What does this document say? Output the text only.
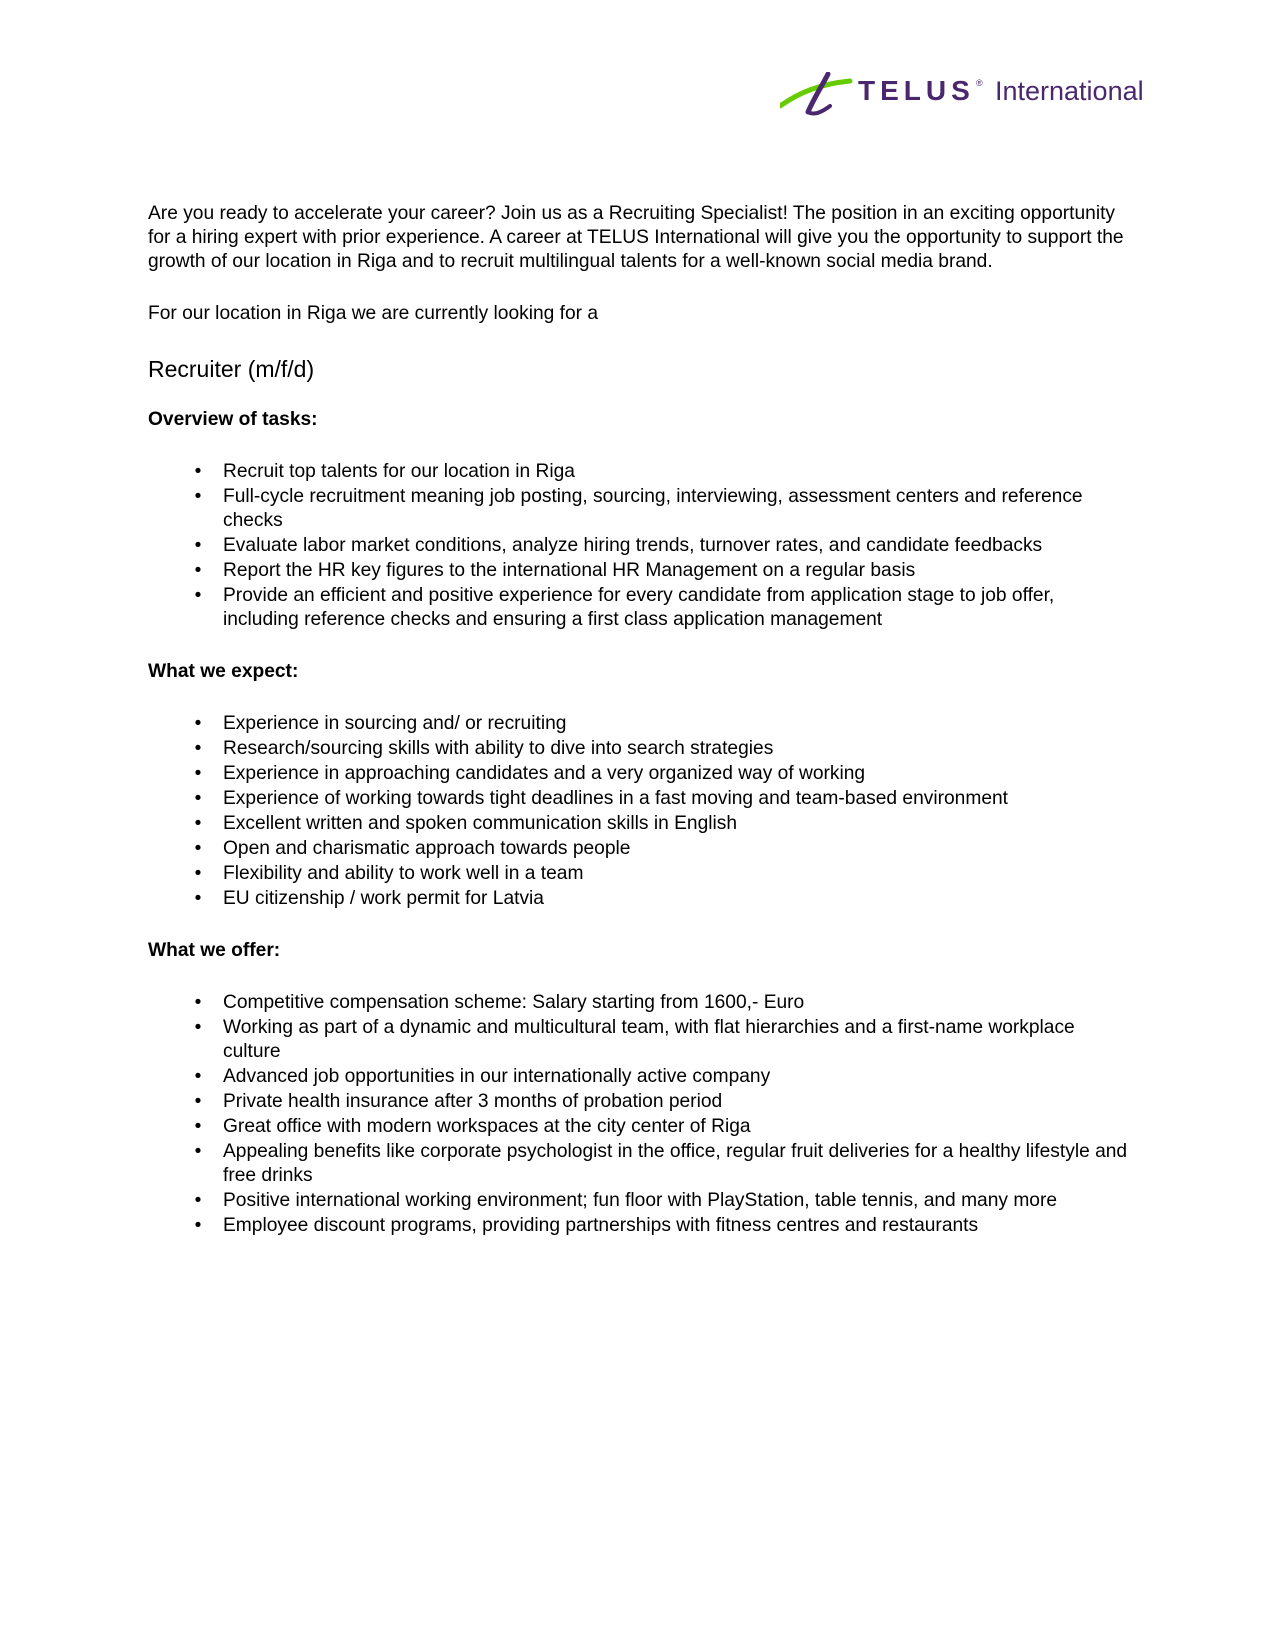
TELUS ® International

Are you ready to accelerate your career? Join us as a Recruiting Specialist! The position in an exciting opportunity for a hiring expert with prior experience. A career at TELUS International will give you the opportunity to support the growth of our location in Riga and to recruit multilingual talents for a well-known social media brand.

For our location in Riga we are currently looking for a

Recruiter (m/f/d)

Overview of tasks:

•	Recruit top talents for our location in Riga
•	Full-cycle recruitment meaning job posting, sourcing, interviewing, assessment centers and reference checks
•	Evaluate labor market conditions, analyze hiring trends, turnover rates, and candidate feedbacks
•	Report the HR key figures to the international HR Management on a regular basis
•	Provide an efficient and positive experience for every candidate from application stage to job offer, including reference checks and ensuring a first class application management

What we expect:

•	Experience in sourcing and/ or recruiting
•	Research/sourcing skills with ability to dive into search strategies
•	Experience in approaching candidates and a very organized way of working
•	Experience of working towards tight deadlines in a fast moving and team-based environment
•	Excellent written and spoken communication skills in English
•	Open and charismatic approach towards people
•	Flexibility and ability to work well in a team
•	EU citizenship / work permit for Latvia

What we offer:

•	Competitive compensation scheme: Salary starting from 1600,- Euro
•	Working as part of a dynamic and multicultural team, with flat hierarchies and a first-name workplace culture
•	Advanced job opportunities in our internationally active company
•	Private health insurance after 3 months of probation period
•	Great office with modern workspaces at the city center of Riga
•	Appealing benefits like corporate psychologist in the office, regular fruit deliveries for a healthy lifestyle and free drinks
•	Positive international working environment; fun floor with PlayStation, table tennis, and many more
•	Employee discount programs, providing partnerships with fitness centres and restaurants
